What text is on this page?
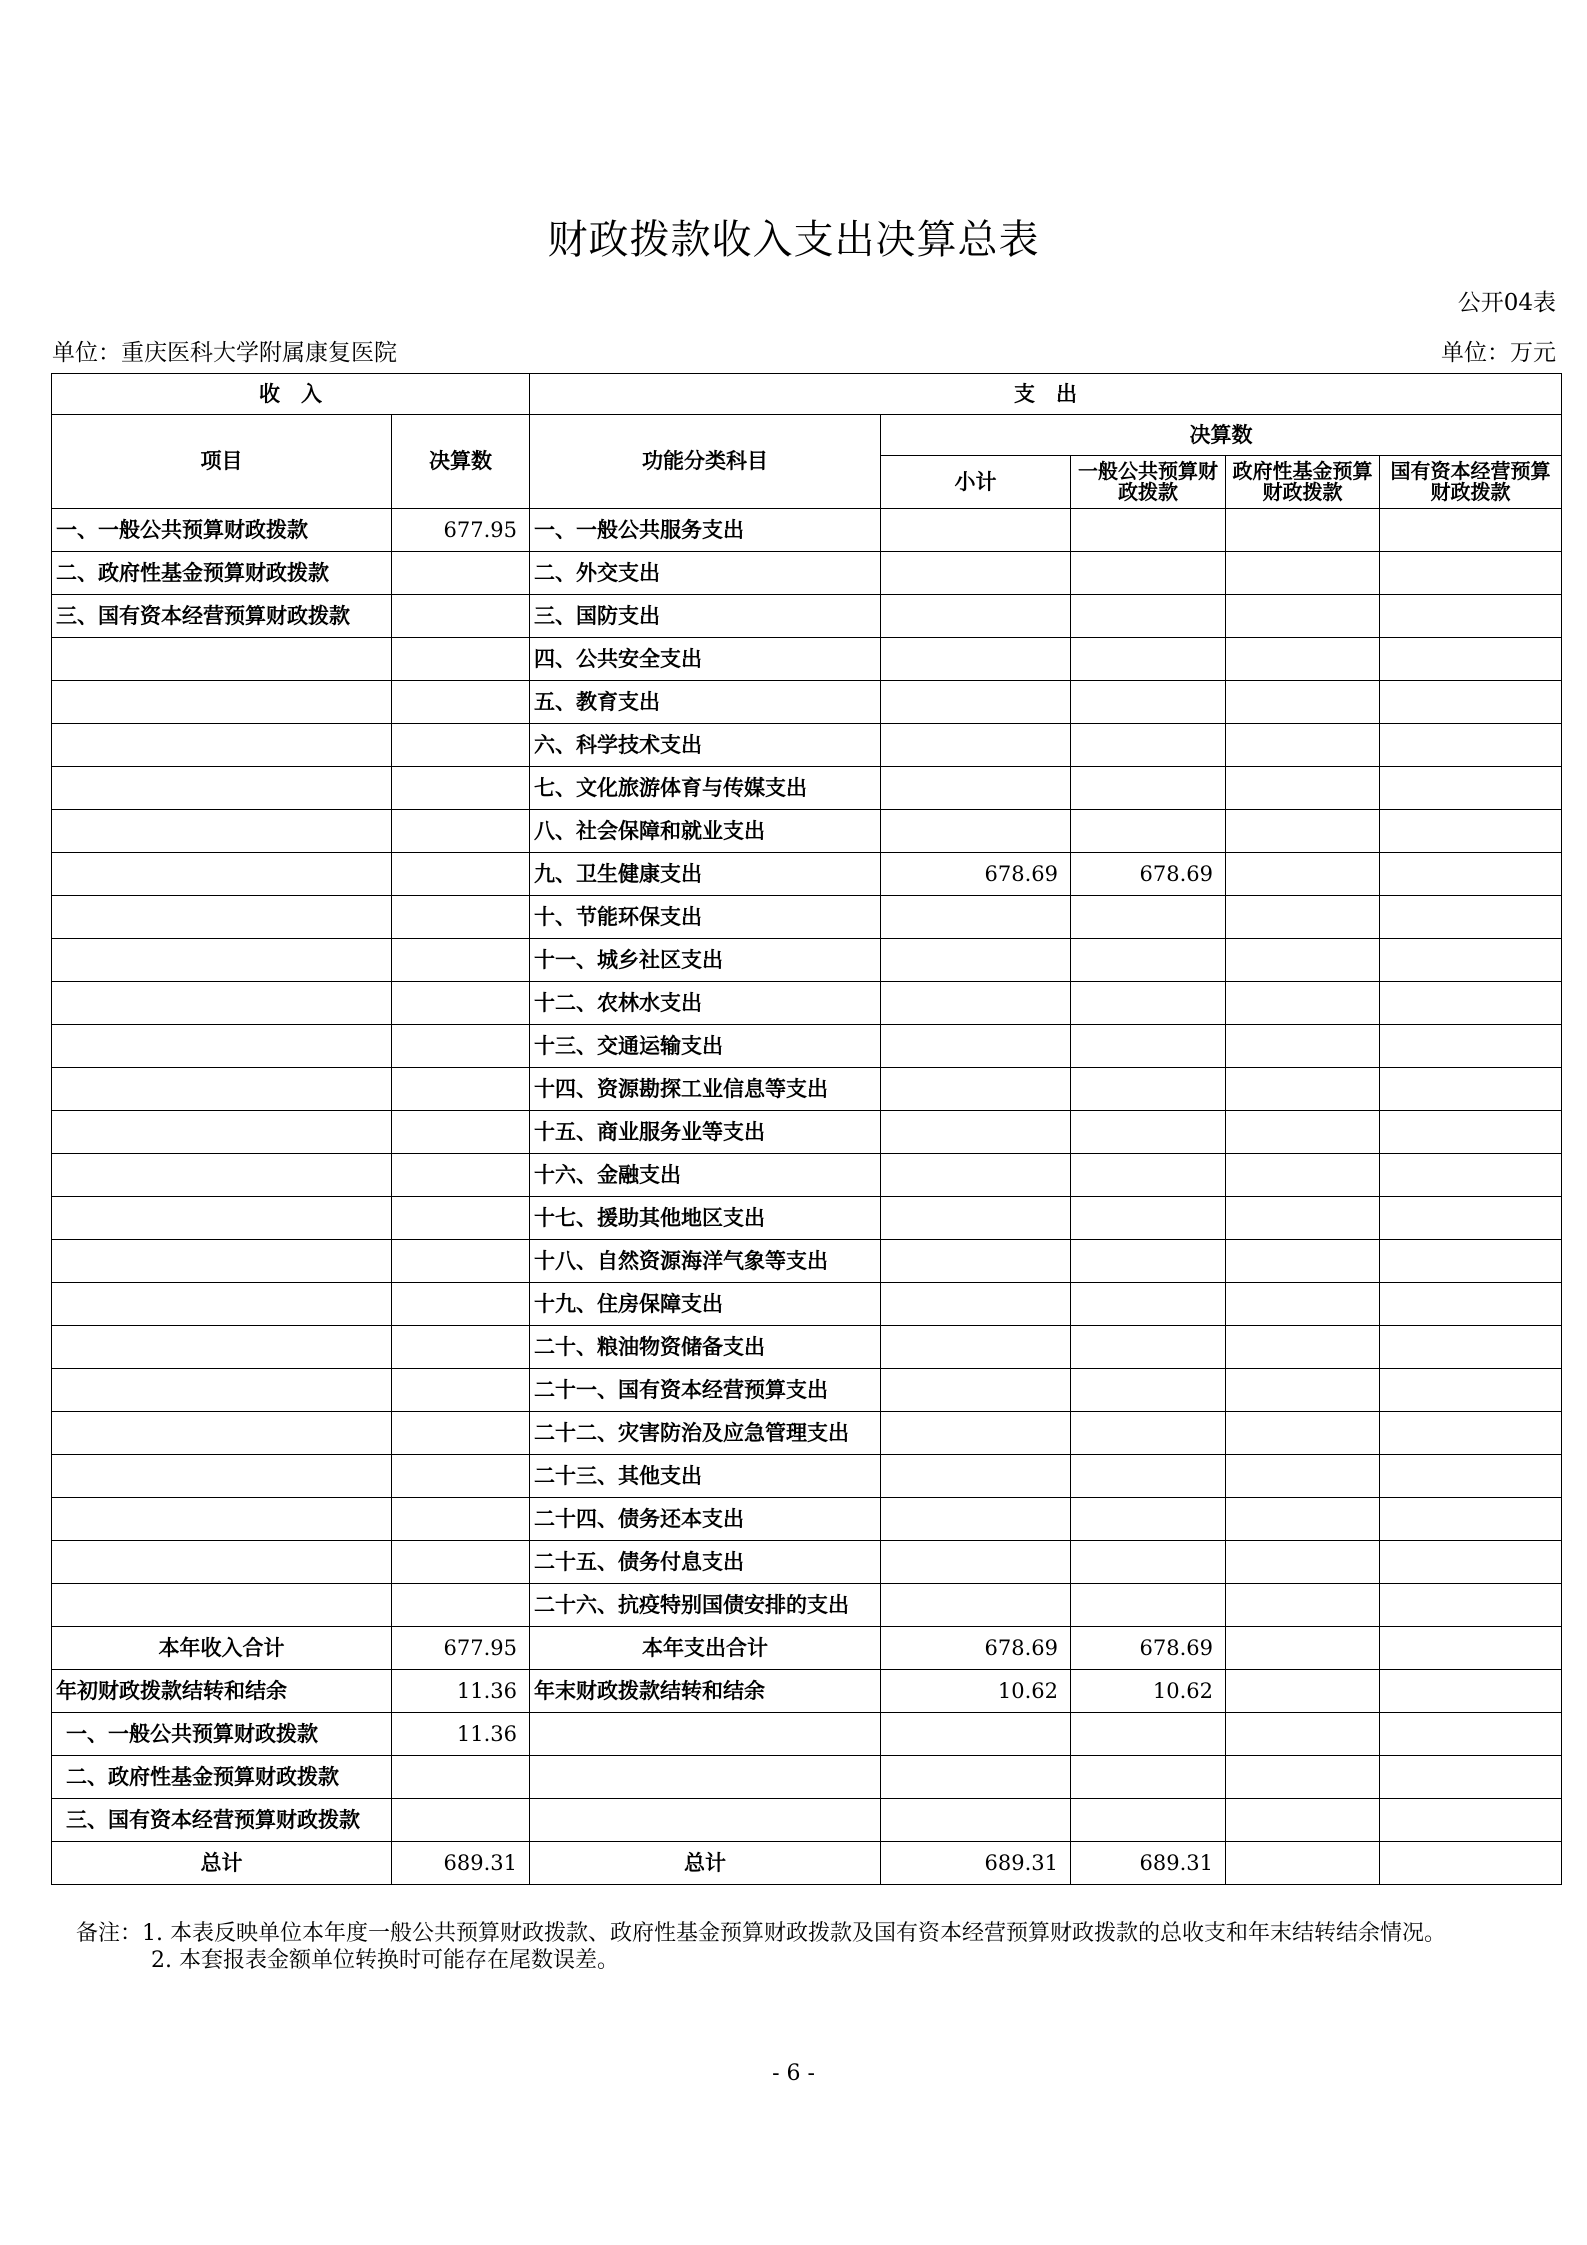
财政拨款收入支出决算总表
公开04表
单位：重庆医科大学附属康复医院	单位：万元
收　入		支　出				
项目	决算数	功能分类科目	决算数			
			小计	一般公共预算财政拨款	政府性基金预算财政拨款	国有资本经营预算财政拨款
一、一般公共预算财政拨款	677.95	一、一般公共服务支出				
二、政府性基金预算财政拨款		二、外交支出				
三、国有资本经营预算财政拨款		三、国防支出				
		四、公共安全支出				
		五、教育支出				
		六、科学技术支出				
		七、文化旅游体育与传媒支出				
		八、社会保障和就业支出				
		九、卫生健康支出	678.69	678.69		
		十、节能环保支出				
		十一、城乡社区支出				
		十二、农林水支出				
		十三、交通运输支出				
		十四、资源勘探工业信息等支出				
		十五、商业服务业等支出				
		十六、金融支出				
		十七、援助其他地区支出				
		十八、自然资源海洋气象等支出				
		十九、住房保障支出				
		二十、粮油物资储备支出				
		二十一、国有资本经营预算支出				
		二十二、灾害防治及应急管理支出				
		二十三、其他支出				
		二十四、债务还本支出				
		二十五、债务付息支出				
		二十六、抗疫特别国债安排的支出				
本年收入合计	677.95	本年支出合计	678.69	678.69		
年初财政拨款结转和结余	11.36	年末财政拨款结转和结余	10.62	10.62		
一、一般公共预算财政拨款	11.36					
二、政府性基金预算财政拨款						
三、国有资本经营预算财政拨款						
总计	689.31	总计	689.31	689.31		
备注：1. 本表反映单位本年度一般公共预算财政拨款、政府性基金预算财政拨款及国有资本经营预算财政拨款的总收支和年末结转结余情况。
2. 本套报表金额单位转换时可能存在尾数误差。
- 6 -
